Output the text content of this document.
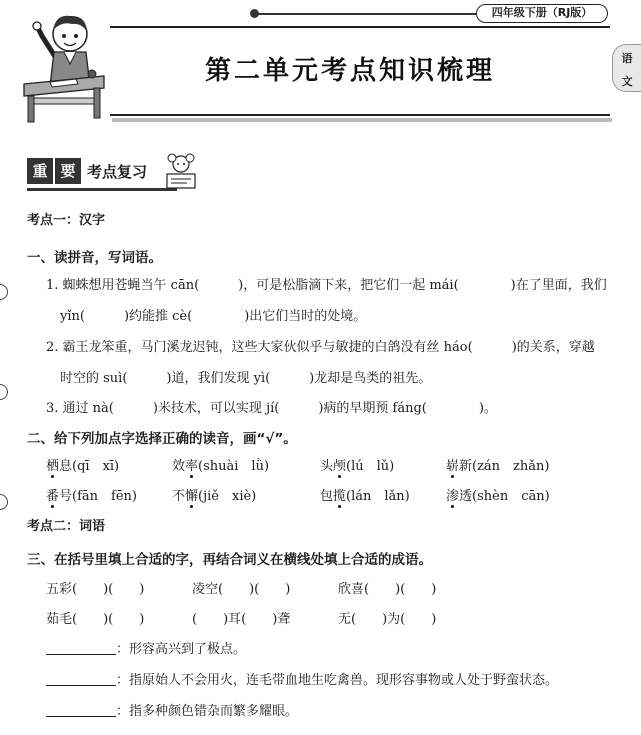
四年级下册（RJ版）
第二单元考点知识梳理	语
文
重 要 考点复习
考点一：汉字
一、读拼音，写词语。
1. 蜘蛛想用苍蝇当午 cān(　　　)，可是松脂滴下来，把它们一起 mái(　　　　)在了里面，我们
yǐn(　　　)约能推 cè(　　　　)出它们当时的处境。
2. 霸王龙笨重，马门溪龙迟钝，这些大家伙似乎与敏捷的白鸽没有丝 háo(　　　)的关系，穿越
时空的 suì(　　　)道，我们发现 yì(　　　)龙却是鸟类的祖先。
3. 通过 nà(　　　)米技术，可以实现 jí(　　　)病的早期预 fáng(　　　　)。
二、给下列加点字选择正确的读音，画“√”。
栖息(qī　xī)	效率(shuài　lǜ)	头颅(lú　lǔ)	崭新(zán　zhǎn)
番号(fān　fēn)	不懈(jiě　xiè)	包揽(lán　lǎn)	渗透(shèn　cān)
考点二：词语
三、在括号里填上合适的字，再结合词义在横线处填上合适的成语。
五彩(　　)(　　)	凌空(　　)(　　)	欣喜(　　)(　　)
茹毛(　　)(　　)	(　　)耳(　　)聋	无(　　)为(　　)
：形容高兴到了极点。
：指原始人不会用火，连毛带血地生吃禽兽。现形容事物或人处于野蛮状态。
：指多种颜色错杂而繁多耀眼。
